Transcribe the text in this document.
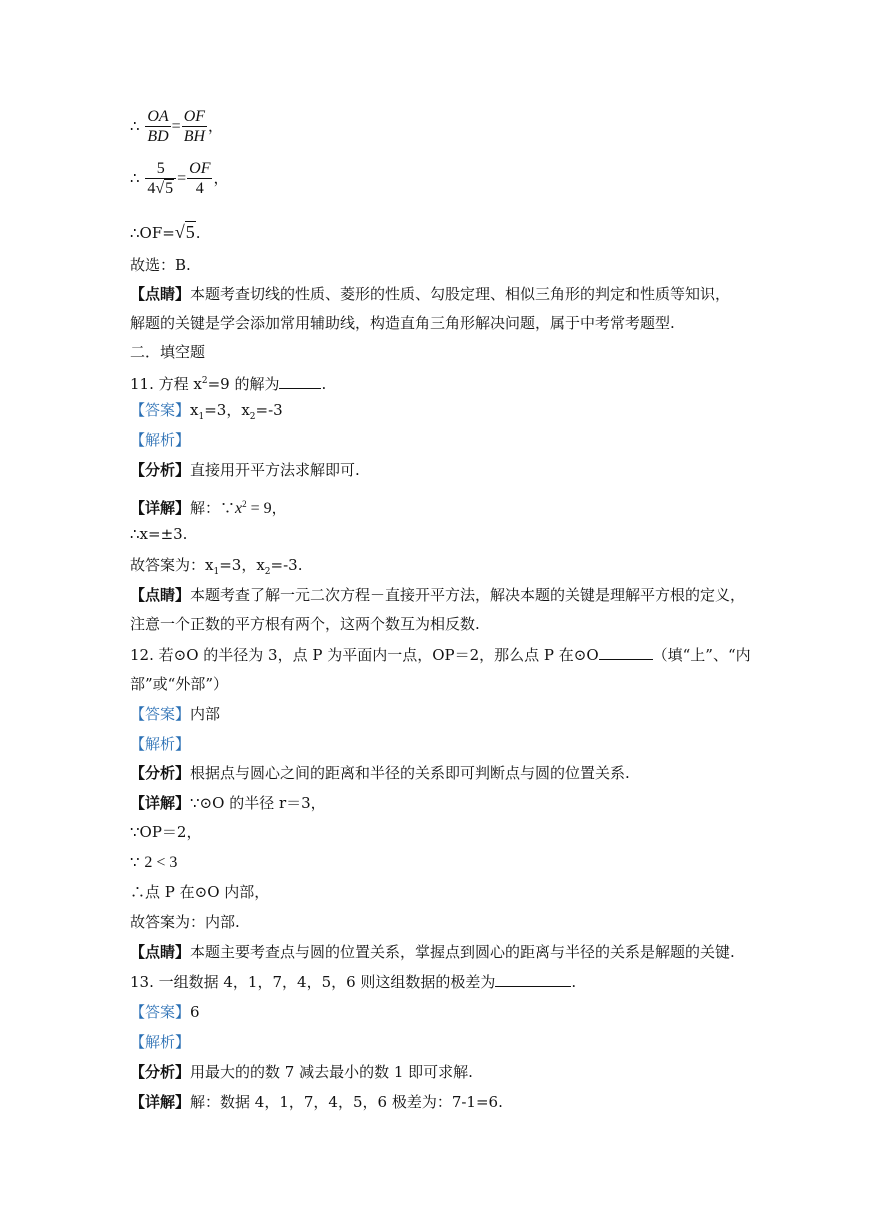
∴ $\frac{OA}{BD} = \frac{OF}{BH}$ ，
∴ $\frac{5}{4√5} = \frac{OF}{4}$ ，
∴OF=√5.
故选：B.
【点睛】本题考查切线的性质、菱形的性质、勾股定理、相似三角形的判定和性质等知识，
解题的关键是学会添加常用辅助线，构造直角三角形解决问题，属于中考常考题型.
二．填空题
11. 方程 $x^2=9$ 的解为	.
【答案】$x_1=3$，$x_2=-3$
【解析】
【分析】直接用开平方法求解即可.
【详解】解：$\because x^2 = 9$，
∴x=±3.
故答案为：$x_1=3$，$x_2=-3$.
【点睛】本题考查了解一元二次方程－直接开平方法，解决本题的关键是理解平方根的定义，
注意一个正数的平方根有两个，这两个数互为相反数.
12. 若⊙O 的半径为 3，点 P 为平面内一点，OP＝2，那么点 P 在⊙O	（填“上”、“内
部”或“外部”）
【答案】内部
【解析】
【分析】根据点与圆心之间的距离和半径的关系即可判断点与圆的位置关系.
【详解】∵⊙O 的半径 r＝3，
∵OP＝2，
∵ 2 < 3
∴点 P 在⊙O 内部，
故答案为：内部.
【点睛】本题主要考查点与圆的位置关系，掌握点到圆心的距离与半径的关系是解题的关键.
13. 一组数据 4，1，7，4，5，6 则这组数据的极差为	.
【答案】6
【解析】
【分析】用最大的的数 7 减去最小的数 1 即可求解.
【详解】解：数据 4，1，7，4，5，6 极差为：7-1=6.
